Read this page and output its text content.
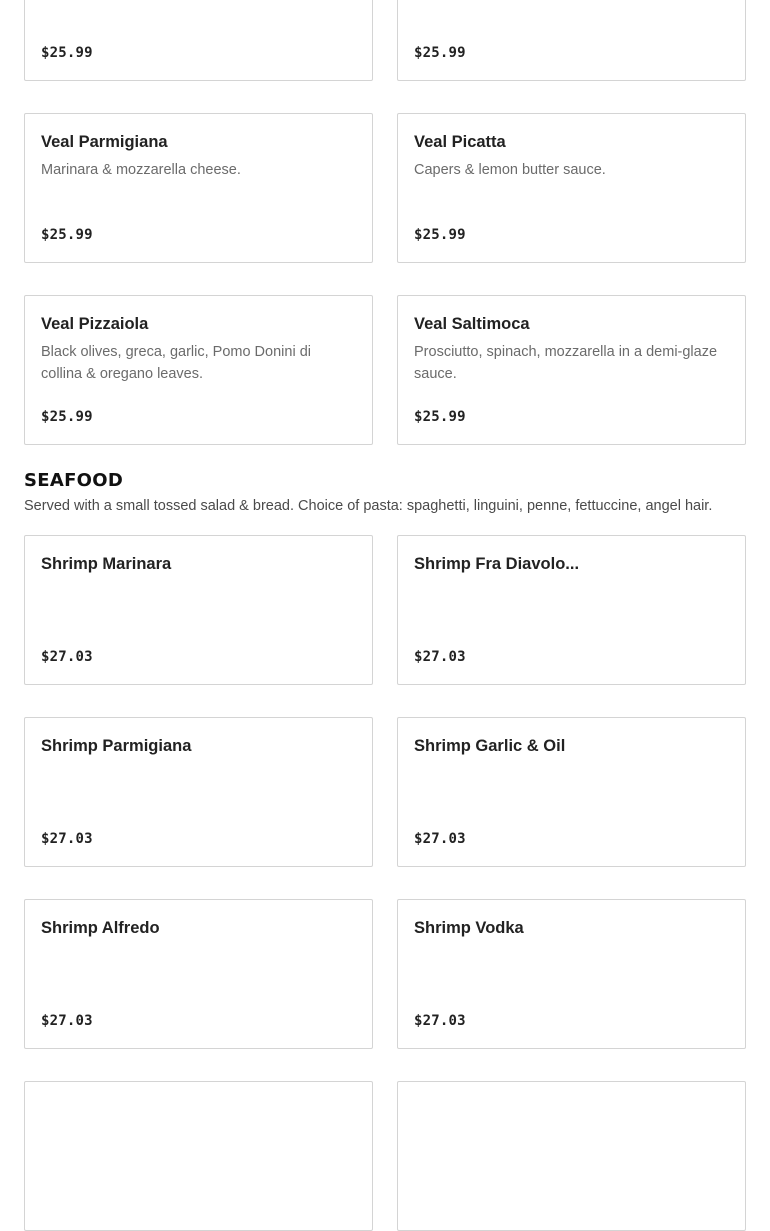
$25.99	$25.99
Veal Parmigiana
Marinara & mozzarella cheese.
$25.99
Veal Picatta
Capers & lemon butter sauce.
$25.99
Veal Pizzaiola
Black olives, greca, garlic, Pomo Donini di collina & oregano leaves.
$25.99
Veal Saltimoca
Prosciutto, spinach, mozzarella in a demi-glaze sauce.
$25.99
SEAFOOD
Served with a small tossed salad & bread. Choice of pasta: spaghetti, linguini, penne, fettuccine, angel hair.
Shrimp Marinara
$27.03
Shrimp Fra Diavolo...
$27.03
Shrimp Parmigiana
$27.03
Shrimp Garlic & Oil
$27.03
Shrimp Alfredo
$27.03
Shrimp Vodka
$27.03
